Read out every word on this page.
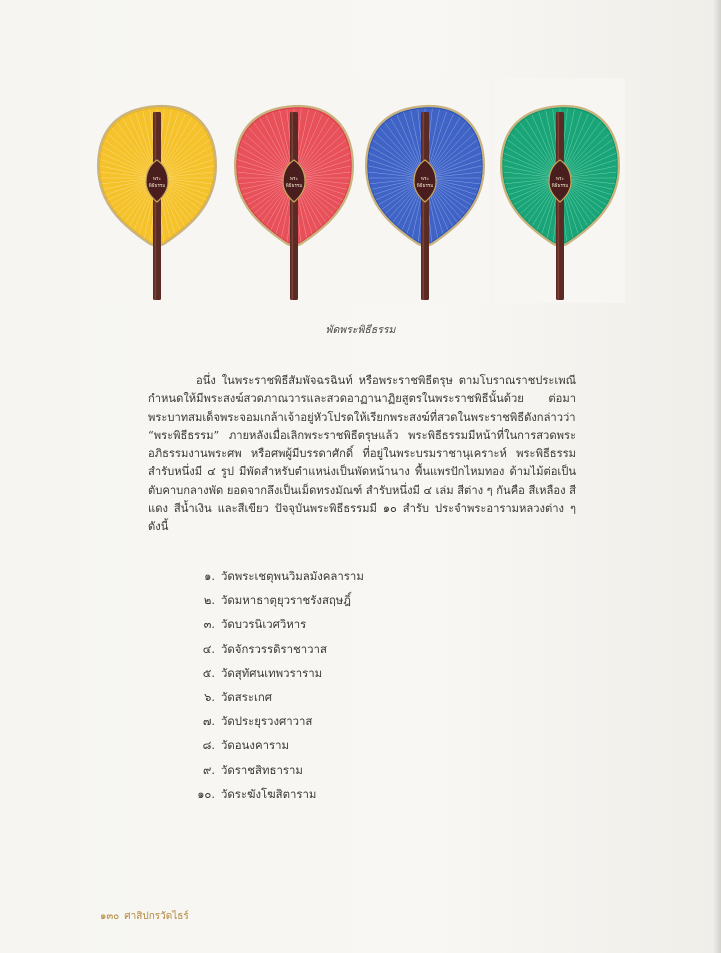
พระ
พิธีธรรม
พระ
พิธีธรรม
พระ
พิธีธรรม
พระ
พิธีธรรม
พัดพระพิธีธรรม

อนึ่ง ในพระราชพิธีสัมพัจฉรฉินท์ หรือพระราชพิธีตรุษ ตามโบราณราชประเพณีกำหนดให้มีพระสงฆ์สวดภาณวารและสวดอาฏานาฏิยสูตรในพระราชพิธีนั้นด้วย ต่อมาพระบาทสมเด็จพระจอมเกล้าเจ้าอยู่หัวโปรดให้เรียกพระสงฆ์ที่สวดในพระราชพิธีดังกล่าวว่า “พระพิธีธรรม” ภายหลังเมื่อเลิกพระราชพิธีตรุษแล้ว พระพิธีธรรมมีหน้าที่ในการสวดพระอภิธรรมงานพระศพ หรือศพผู้มีบรรดาศักดิ์ ที่อยู่ในพระบรมราชานุเคราะห์ พระพิธีธรรมสำรับหนึ่งมี ๔ รูป มีพัดสำหรับตำแหน่งเป็นพัดหน้านาง พื้นแพรปักไหมทอง ด้ามไม้ต่อเป็นตับคาบกลางพัด ยอดจากลึงเป็นเม็ดทรงมัณฑ์ สำรับหนึ่งมี ๔ เล่ม สีต่าง ๆ กันคือ สีเหลือง สีแดง สีน้ำเงิน และสีเขียว ปัจจุบันพระพิธีธรรมมี ๑๐ สำรับ ประจำพระอารามหลวงต่าง ๆ ดังนี้

๑. วัดพระเชตุพนวิมลมังคลาราม
๒. วัดมหาธาตุยุวราชรังสฤษฎิ์
๓. วัดบวรนิเวศวิหาร
๔. วัดจักรวรรดิราชาวาส
๕. วัดสุทัศนเทพวราราม
๖. วัดสระเกศ
๗. วัดประยุรวงศาวาส
๘. วัดอนงคาราม
๙. วัดราชสิทธาราม
๑๐. วัดระฆังโฆสิตาราม
๑๓๐ ศาสิปกรวัดไธร์
